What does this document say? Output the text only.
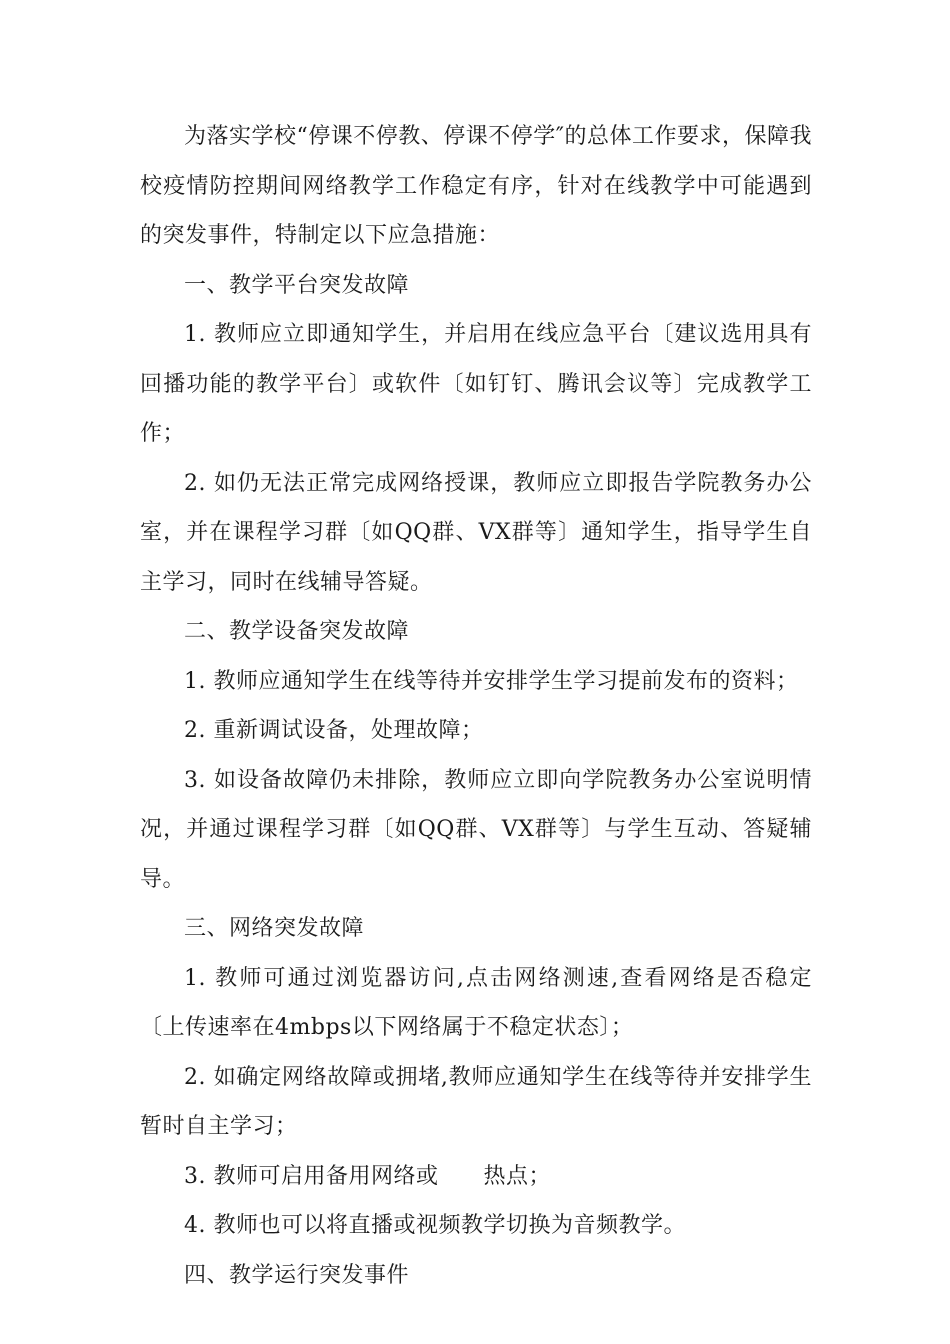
为落实学校“停课不停教、停课不停学″的总体工作要求，保障我校疫情防控期间网络教学工作稳定有序，针对在线教学中可能遇到的突发事件，特制定以下应急措施：

一、教学平台突发故障

1. 教师应立即通知学生，并启用在线应急平台〔建议选用具有回播功能的教学平台〕或软件〔如钉钉、腾讯会议等〕完成教学工作；

2. 如仍无法正常完成网络授课，教师应立即报告学院教务办公室，并在课程学习群〔如QQ群、VX群等〕通知学生，指导学生自主学习，同时在线辅导答疑。

二、教学设备突发故障

1. 教师应通知学生在线等待并安排学生学习提前发布的资料；

2. 重新调试设备，处理故障；

3. 如设备故障仍未排除，教师应立即向学院教务办公室说明情况，并通过课程学习群〔如QQ群、VX群等〕与学生互动、答疑辅导。

三、网络突发故障

1. 教师可通过浏览器访问,点击网络测速,查看网络是否稳定〔上传速率在4mbps以下网络属于不稳定状态〕；

2. 如确定网络故障或拥堵,教师应通知学生在线等待并安排学生暂时自主学习；

3. 教师可启用备用网络或　　热点；

4. 教师也可以将直播或视频教学切换为音频教学。

四、教学运行突发事件
